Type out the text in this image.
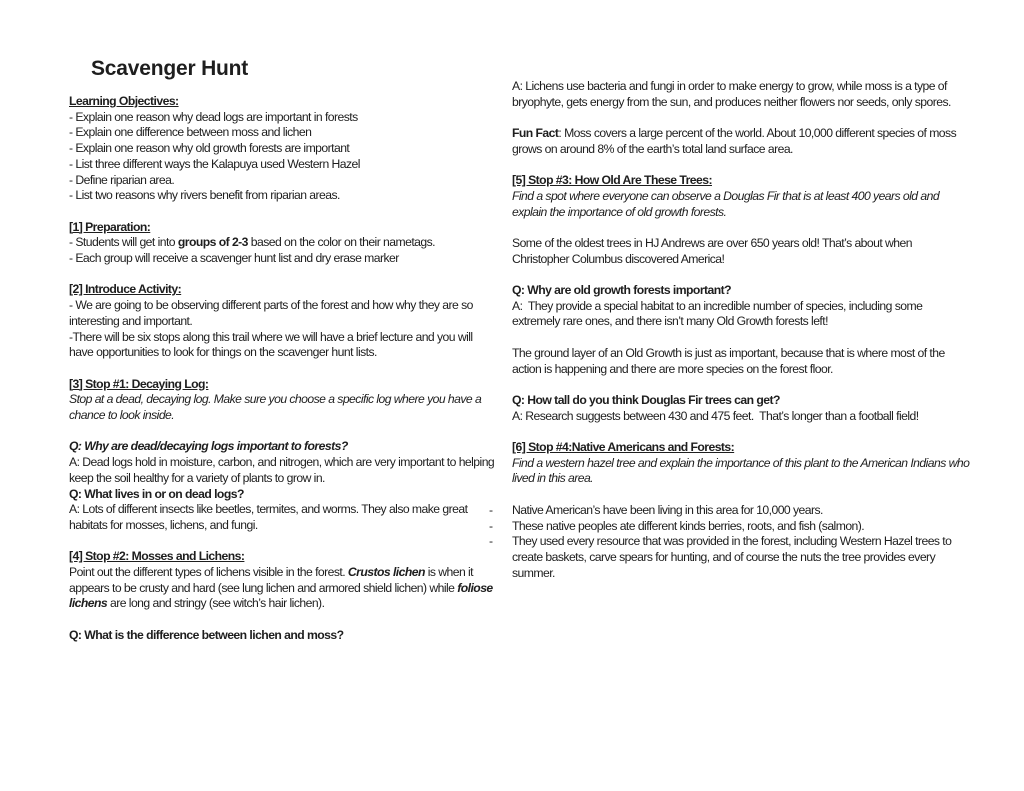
Scavenger Hunt
Learning Objectives:
- Explain one reason why dead logs are important in forests
- Explain one difference between moss and lichen
- Explain one reason why old growth forests are important
- List three different ways the Kalapuya used Western Hazel
- Define riparian area.
- List two reasons why rivers benefit from riparian areas.
[1] Preparation:
- Students will get into groups of 2-3 based on the color on their nametags.
- Each group will receive a scavenger hunt list and dry erase marker
[2] Introduce Activity:
- We are going to be observing different parts of the forest and how why they are so interesting and important.
-There will be six stops along this trail where we will have a brief lecture and you will have opportunities to look for things on the scavenger hunt lists.
[3] Stop #1: Decaying Log:
Stop at a dead, decaying log. Make sure you choose a specific log where you have a chance to look inside.
Q: Why are dead/decaying logs important to forests?
A: Dead logs hold in moisture, carbon, and nitrogen, which are very important to helping keep the soil healthy for a variety of plants to grow in.
Q: What lives in or on dead logs?
A: Lots of different insects like beetles, termites, and worms. They also make great habitats for mosses, lichens, and fungi.
[4] Stop #2: Mosses and Lichens:
Point out the different types of lichens visible in the forest. Crustos lichen is when it appears to be crusty and hard (see lung lichen and armored shield lichen) while foliose lichens are long and stringy (see witch’s hair lichen).
Q: What is the difference between lichen and moss?
A: Lichens use bacteria and fungi in order to make energy to grow, while moss is a type of bryophyte, gets energy from the sun, and produces neither flowers nor seeds, only spores.
Fun Fact: Moss covers a large percent of the world. About 10,000 different species of moss grows on around 8% of the earth’s total land surface area.
[5] Stop #3: How Old Are These Trees:
Find a spot where everyone can observe a Douglas Fir that is at least 400 years old and explain the importance of old growth forests.
Some of the oldest trees in HJ Andrews are over 650 years old! That’s about when Christopher Columbus discovered America!
Q: Why are old growth forests important?
A:  They provide a special habitat to an incredible number of species, including some extremely rare ones, and there isn’t many Old Growth forests left!
The ground layer of an Old Growth is just as important, because that is where most of the action is happening and there are more species on the forest floor.
Q: How tall do you think Douglas Fir trees can get?
A: Research suggests between 430 and 475 feet.  That’s longer than a football field!
[6] Stop #4:Native Americans and Forests:
Find a western hazel tree and explain the importance of this plant to the American Indians who lived in this area.
- Native American’s have been living in this area for 10,000 years.
- These native peoples ate different kinds berries, roots, and fish (salmon).
- They used every resource that was provided in the forest, including Western Hazel trees to create baskets, carve spears for hunting, and of course the nuts the tree provides every summer.
